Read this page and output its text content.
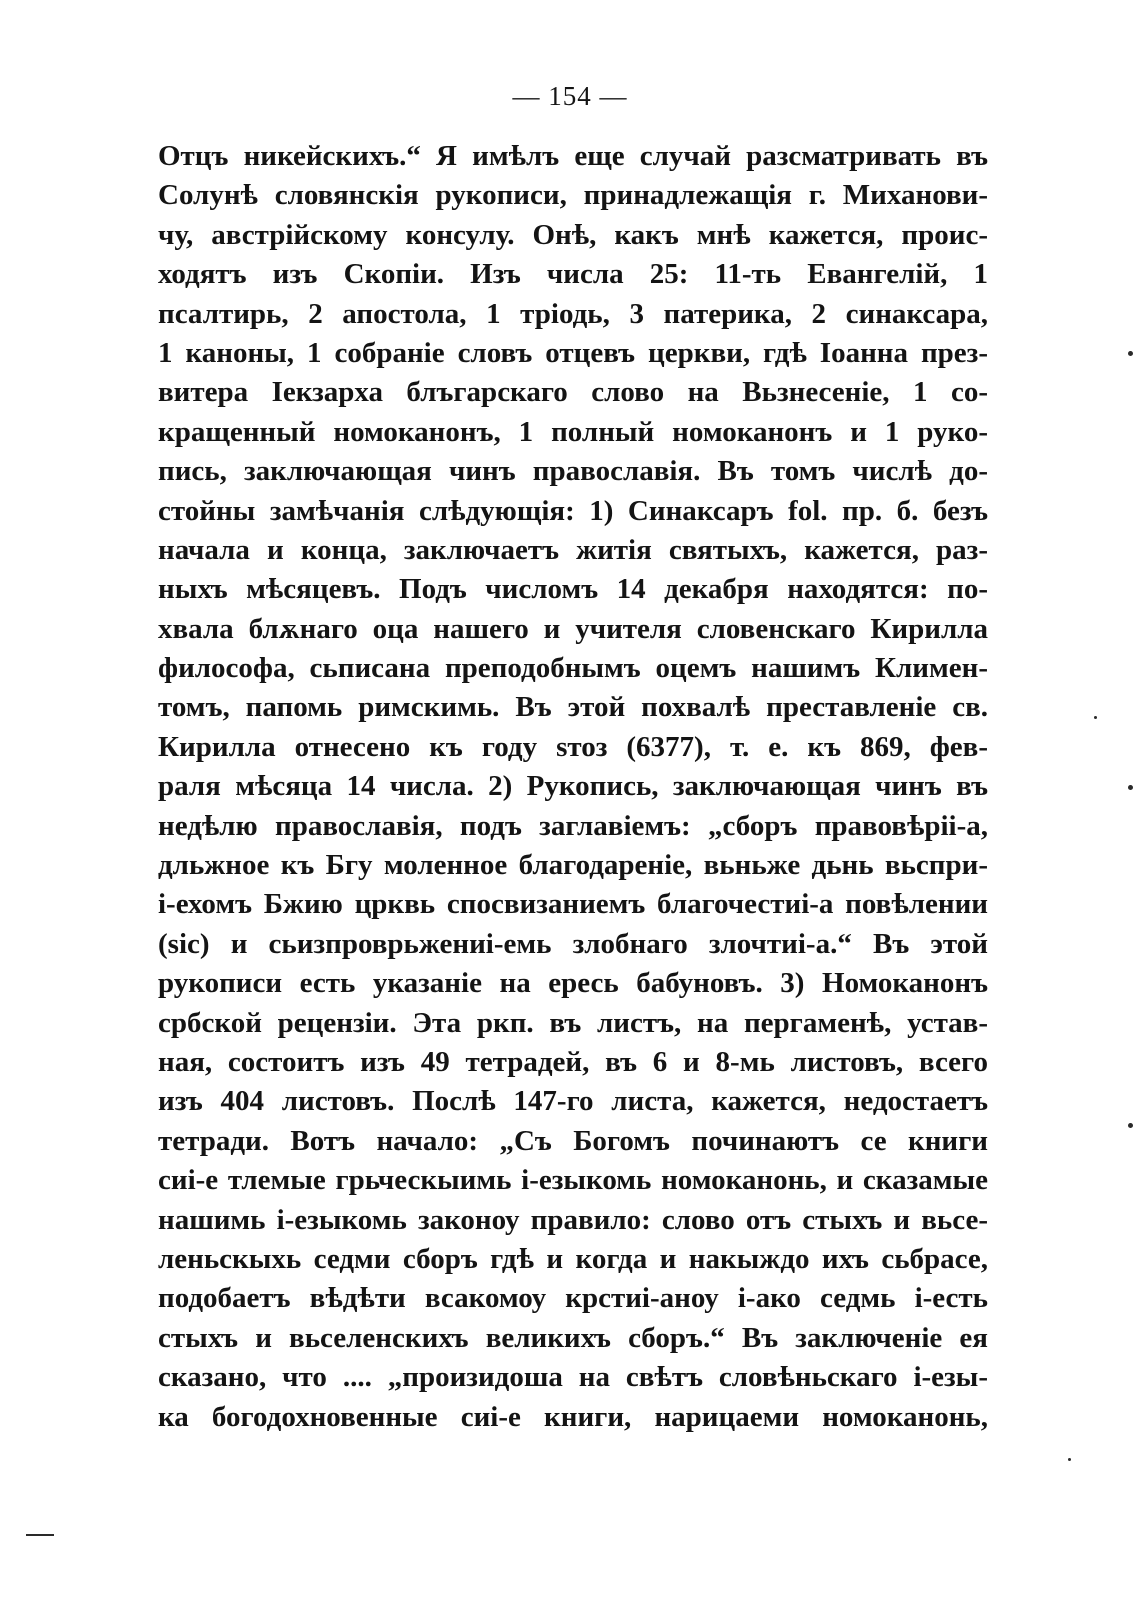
— 154 —
Отцъ никейскихъ.“ Я имѣлъ еще случай разсматривать въ
Солунѣ словянскія рукописи, принадлежащія г. Миханови-
чу, австрійскому консулу. Онѣ, какъ мнѣ кажется, проис-
ходятъ изъ Скопіи. Изъ числа 25: 11-ть Евангелій, 1
псалтирь, 2 апостола, 1 тріодь, 3 патерика, 2 синаксара,
1 каноны, 1 собраніе словъ отцевъ церкви, гдѣ Іоанна през-
витера Іекзарха блъгарскаго слово на Вьзнесеніе, 1 со-
кращенный номоканонъ, 1 полный номоканонъ и 1 руко-
пись, заключающая чинъ православія. Въ томъ числѣ до-
стойны замѣчанія слѣдующія: 1) Синаксаръ fol. пр. б. безъ
начала и конца, заключаетъ житія святыхъ, кажется, раз-
ныхъ мѣсяцевъ. Подъ числомъ 14 декабря находятся: по-
хвала блѫнаго оца нашего и учителя словенскаго Кирилла
философа, сьписана преподобнымъ оцемъ нашимъ Климен-
томъ, папомь римскимь. Въ этой похвалѣ преставленіе св.
Кирилла отнесено къ году ѕтоз (6377), т. е. къ 869, фев-
раля мѣсяца 14 числа. 2) Рукопись, заключающая чинъ въ
недѣлю православія, подъ заглавіемъ: „сборъ правовѣріі-а,
дльжное къ Бгу моленное благодареніе, вьньже дьнь вьспри-
і-ехомъ Бжию црквь спосвизаниемъ благочестиі-а повѣлении
(sic) и сьизпроврьжениі-емь злобнаго злочтиі-а.“ Въ этой
рукописи есть указаніе на ересь бабуновъ. 3) Номоканонъ
србской рецензіи. Эта ркп. въ листъ, на пергаменѣ, устав-
ная, состоитъ изъ 49 тетрадей, въ 6 и 8-мь листовъ, всего
изъ 404 листовъ. Послѣ 147-го листа, кажется, недостаетъ
тетради. Вотъ начало: „Съ Богомъ починаютъ се книги
сиі-е тлемые грьческыимь і-езыкомь номоканонь, и сказамые
нашимь і-езыкомь законоу правило: слово отъ стыхъ и вьсе-
леньскыхь седми сборъ гдѣ и когда и накыждо ихъ сьбрасе,
подобаетъ вѣдѣти всакомоу крстиі-аноу і-ако седмь і-есть
стыхъ и вьселенскихъ великихъ сборъ.“ Въ заключеніе ея
сказано, что .... „произидоша на свѣтъ словѣньскаго і-езы-
ка богодохновенные сиі-е книги, нарицаеми номоканонь,
